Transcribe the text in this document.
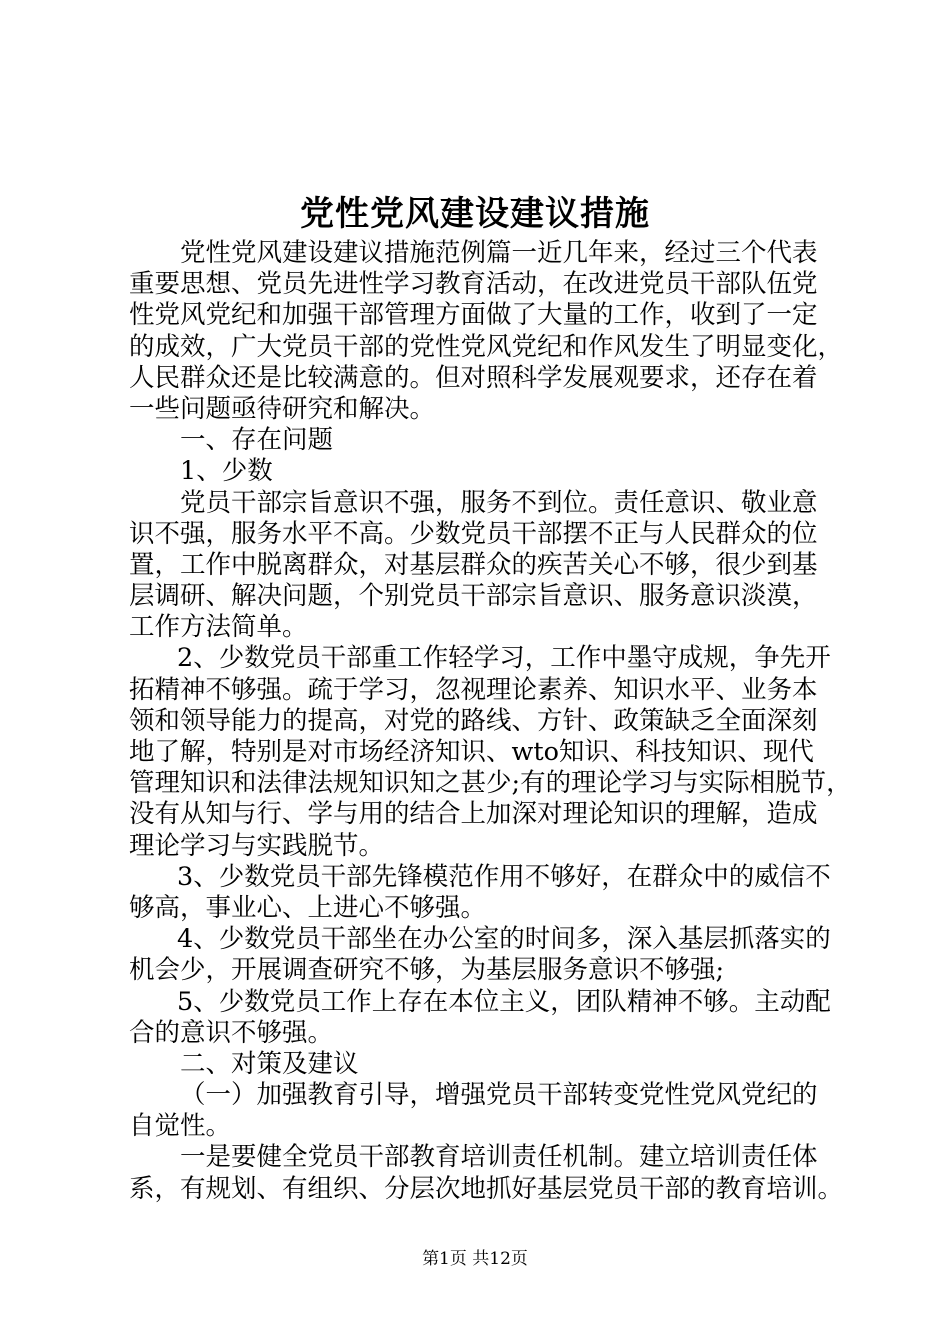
党性党风建设建议措施
党性党风建设建议措施范例篇一近几年来，经过三个代表
重要思想、党员先进性学习教育活动，在改进党员干部队伍党
性党风党纪和加强干部管理方面做了大量的工作，收到了一定
的成效，广大党员干部的党性党风党纪和作风发生了明显变化，
人民群众还是比较满意的。但对照科学发展观要求，还存在着
一些问题亟待研究和解决。
一、存在问题
1、少数
党员干部宗旨意识不强，服务不到位。责任意识、敬业意
识不强，服务水平不高。少数党员干部摆不正与人民群众的位
置，工作中脱离群众，对基层群众的疾苦关心不够，很少到基
层调研、解决问题，个别党员干部宗旨意识、服务意识淡漠，
工作方法简单。
2、少数党员干部重工作轻学习，工作中墨守成规，争先开
拓精神不够强。疏于学习，忽视理论素养、知识水平、业务本
领和领导能力的提高，对党的路线、方针、政策缺乏全面深刻
地了解，特别是对市场经济知识、wto知识、科技知识、现代
管理知识和法律法规知识知之甚少;有的理论学习与实际相脱节，
没有从知与行、学与用的结合上加深对理论知识的理解，造成
理论学习与实践脱节。
3、少数党员干部先锋模范作用不够好，在群众中的威信不
够高，事业心、上进心不够强。
4、少数党员干部坐在办公室的时间多，深入基层抓落实的
机会少，开展调查研究不够，为基层服务意识不够强;
5、少数党员工作上存在本位主义，团队精神不够。主动配
合的意识不够强。
二、对策及建议
（一）加强教育引导，增强党员干部转变党性党风党纪的
自觉性。
一是要健全党员干部教育培训责任机制。建立培训责任体
系，有规划、有组织、分层次地抓好基层党员干部的教育培训。
第1页 共12页
